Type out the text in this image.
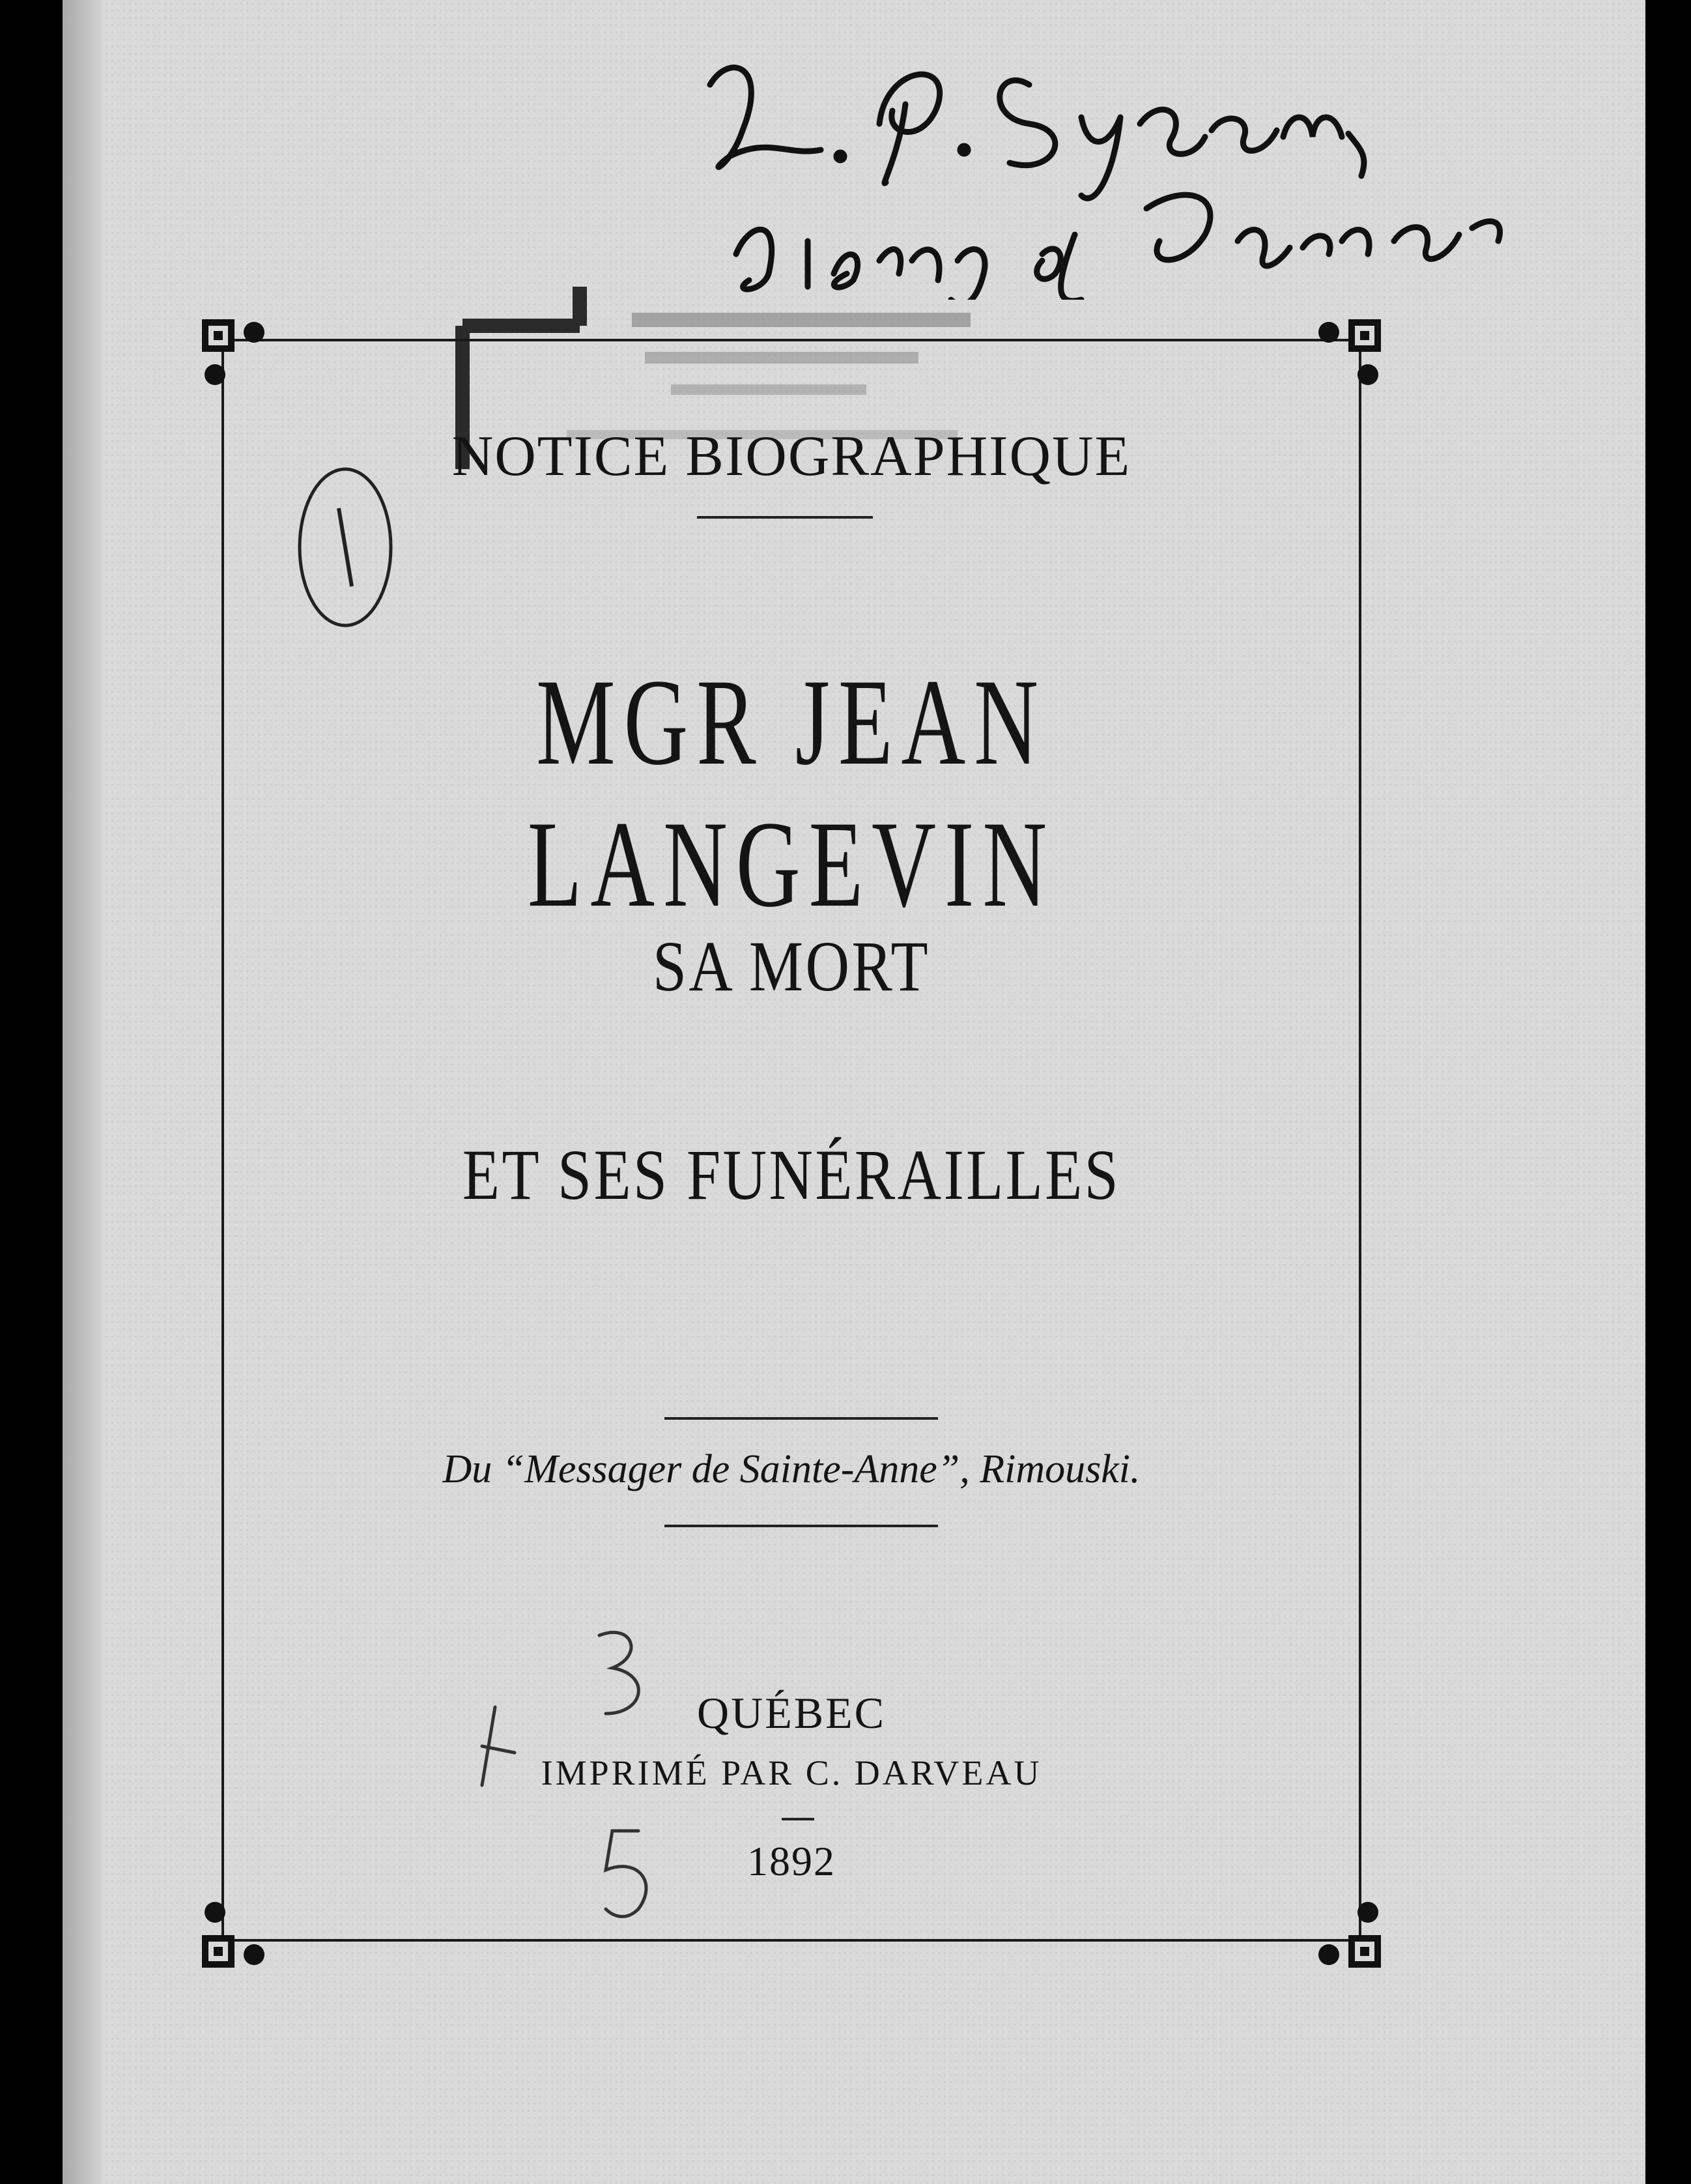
NOTICE BIOGRAPHIQUE
MGR JEAN LANGEVIN
SA MORT
ET SES FUNÉRAILLES
Du “Messager de Sainte-Anne”, Rimouski.
QUÉBEC
IMPRIMÉ PAR C. DARVEAU
1892
